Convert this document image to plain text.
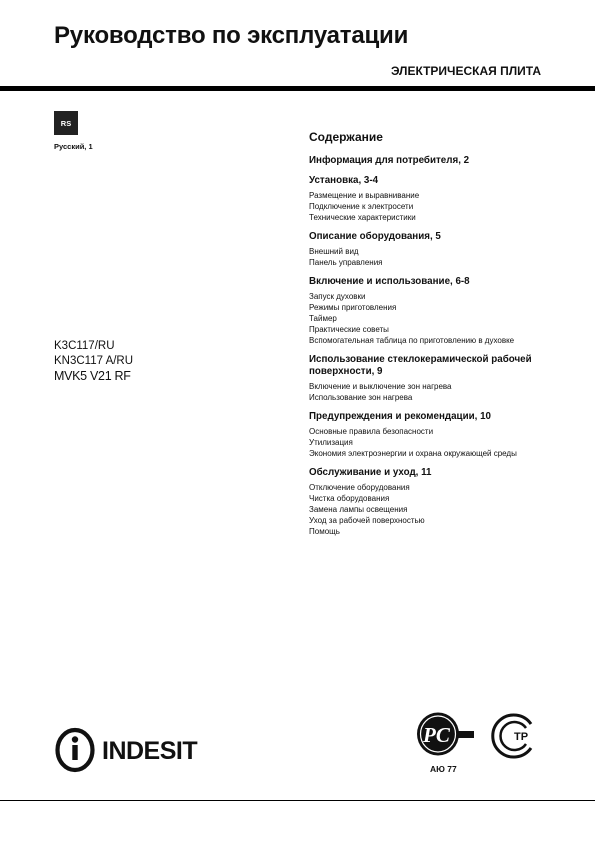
Руководство по эксплуатации
ЭЛЕКТРИЧЕСКАЯ ПЛИТА
RS
Русский, 1
K3C117/RU
KN3C117 A/RU
MVK5 V21 RF
Содержание
Информация для потребителя, 2
Установка, 3-4
Размещение и выравнивание
Подключение к электросети
Технические характеристики
Описание оборудования, 5
Внешний вид
Панель управления
Включение и использование, 6-8
Запуск духовки
Режимы приготовления
Таймер
Практические советы
Вспомогательная таблица по приготовлению в духовке
Использование стеклокерамической рабочей поверхности, 9
Включение и выключение зон нагрева
Использование зон нагрева
Предупреждения и рекомендации, 10
Основные правила безопасности
Утилизация
Экономия электроэнергии и охрана окружающей среды
Обслуживание и уход, 11
Отключение оборудования
Чистка оборудования
Замена лампы освещения
Уход за рабочей поверхностью
Помощь
INDESIT
PC	TP
АЮ 77
